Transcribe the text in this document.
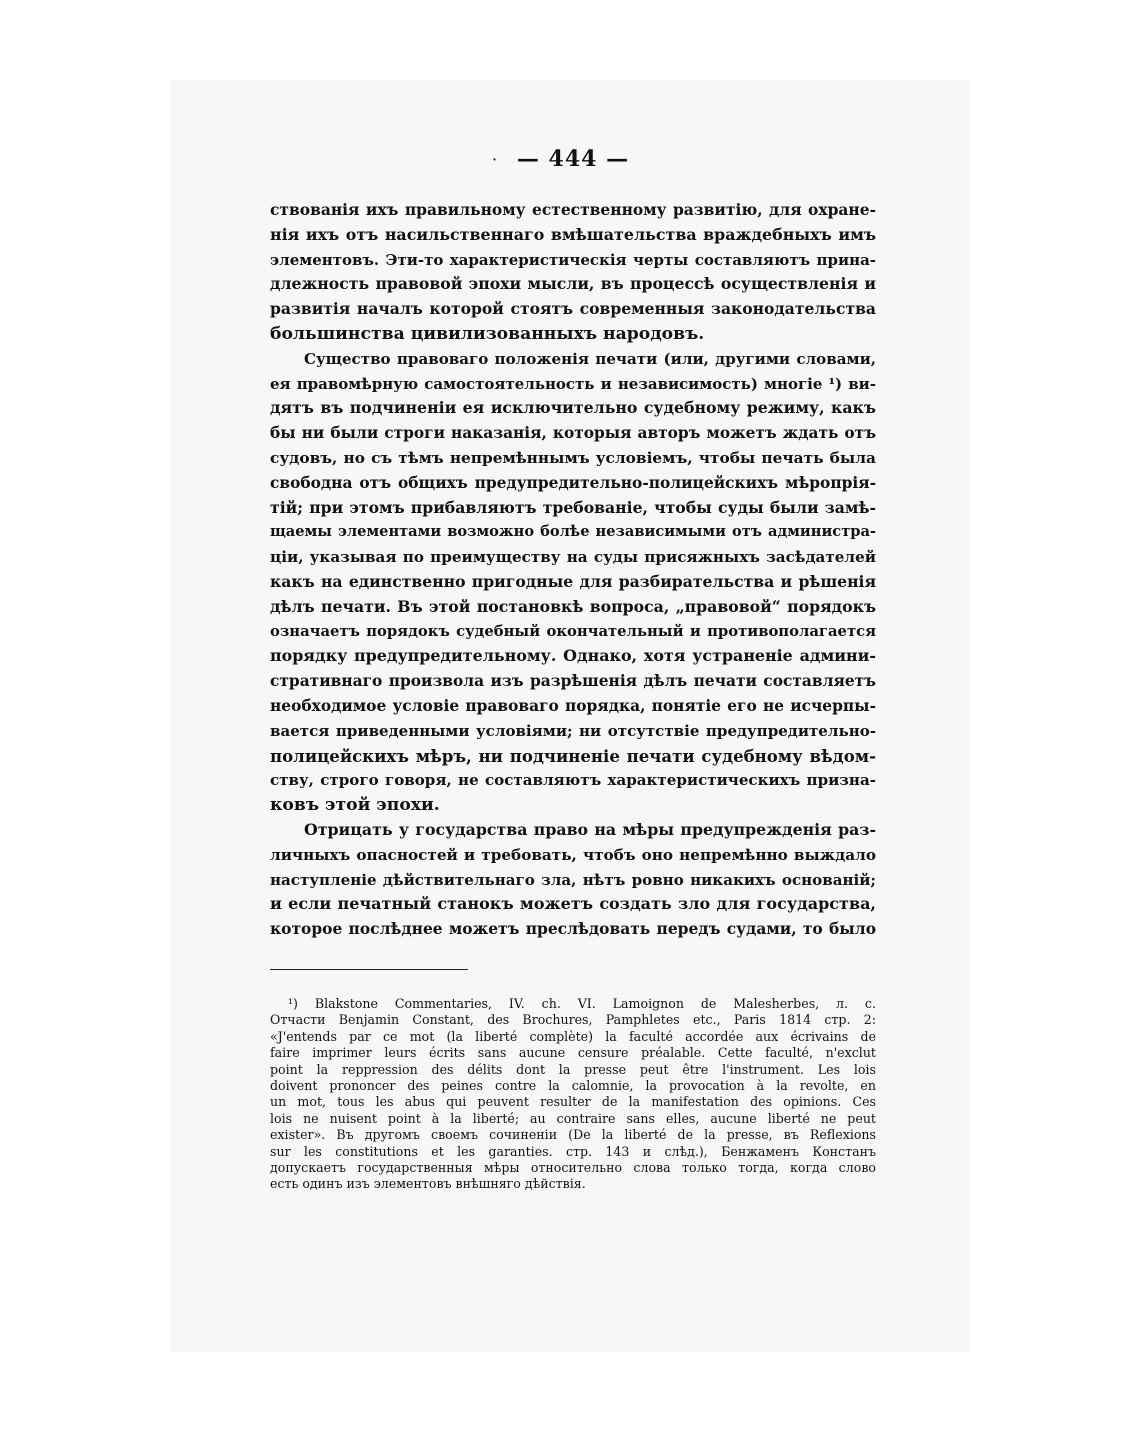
· — 444 —
ствованія ихъ правильному естественному развитію, для охране-
нія ихъ отъ насильственнаго вмѣшательства враждебныхъ имъ
элементовъ. Эти-то характеристическія черты составляютъ прина-
длежность правовой эпохи мысли, въ процессѣ осуществленія и
развитія началъ которой стоятъ современныя законодательства
большинства цивилизованныхъ народовъ.
Существо правоваго положенія печати (или, другими словами,
ея правомѣрную самостоятельность и независимость) многіе ¹) ви-
дятъ въ подчиненіи ея исключительно судебному режиму, какъ
бы ни были строги наказанія, которыя авторъ можетъ ждать отъ
судовъ, но съ тѣмъ непремѣннымъ условіемъ, чтобы печать была
свободна отъ общихъ предупредительно-полицейскихъ мѣропрія-
тій; при этомъ прибавляютъ требованіе, чтобы суды были замѣ-
щаемы элементами возможно болѣе независимыми отъ администра-
ціи, указывая по преимуществу на суды присяжныхъ засѣдателей
какъ на единственно пригодные для разбирательства и рѣшенія
дѣлъ печати. Въ этой постановкѣ вопроса, „правовой“ порядокъ
означаетъ порядокъ судебный окончательный и противополагается
порядку предупредительному. Однако, хотя устраненіе админи-
стративнаго произвола изъ разрѣшенія дѣлъ печати составляетъ
необходимое условіе правоваго порядка, понятіе его не исчерпы-
вается приведенными условіями; ни отсутствіе предупредительно-
полицейскихъ мѣръ, ни подчиненіе печати судебному вѣдом-
ству, строго говоря, не составляютъ характеристическихъ призна-
ковъ этой эпохи.
Отрицать у государства право на мѣры предупрежденія раз-
личныхъ опасностей и требовать, чтобъ оно непремѣнно выждало
наступленіе дѣйствительнаго зла, нѣтъ ровно никакихъ основаній;
и если печатный станокъ можетъ создать зло для государства,
которое послѣднее можетъ преслѣдовать передъ судами, то было
¹) Blakstone Commentaries, IV. ch. VI. Lamoignon de Malesherbes, л. с.
Отчасти Benjamin Constant, des Brochures, Pamphletes etc., Paris 1814 стр. 2:
«J'entends par ce mot (la liberté complète) la faculté accordée aux écrivains de
faire imprimer leurs écrits sans aucune censure préalable. Cette faculté, n'exclut
point la reppression des délits dont la presse peut être l'instrument. Les lois
doivent prononcer des peines contre la calomnie, la provocation à la revolte, en
un mot, tous les abus qui peuvent resulter de la manifestation des opinions. Ces
lois ne nuisent point à la liberté; au contraire sans elles, aucune liberté ne peut
exister». Въ другомъ своемъ сочиненіи (De la liberté de la presse, въ Reflexions
sur les constitutions et les garanties. стр. 143 и слѣд.), Бенжаменъ Констанъ
допускаетъ государственныя мѣры относительно слова только тогда, когда слово
есть одинъ изъ элементовъ внѣшняго дѣйствія.
